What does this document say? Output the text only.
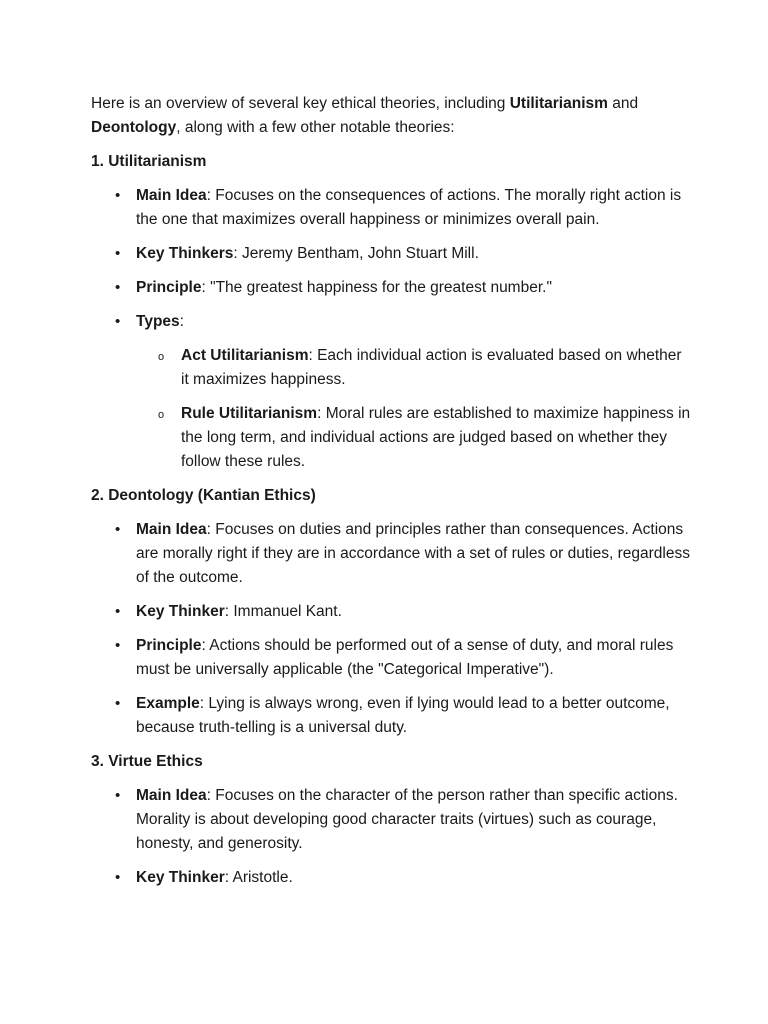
Here is an overview of several key ethical theories, including Utilitarianism and Deontology, along with a few other notable theories:

1. Utilitarianism

• Main Idea: Focuses on the consequences of actions. The morally right action is the one that maximizes overall happiness or minimizes overall pain.
• Key Thinkers: Jeremy Bentham, John Stuart Mill.
• Principle: "The greatest happiness for the greatest number."
• Types:
o Act Utilitarianism: Each individual action is evaluated based on whether it maximizes happiness.
o Rule Utilitarianism: Moral rules are established to maximize happiness in the long term, and individual actions are judged based on whether they follow these rules.

2. Deontology (Kantian Ethics)

• Main Idea: Focuses on duties and principles rather than consequences. Actions are morally right if they are in accordance with a set of rules or duties, regardless of the outcome.
• Key Thinker: Immanuel Kant.
• Principle: Actions should be performed out of a sense of duty, and moral rules must be universally applicable (the "Categorical Imperative").
• Example: Lying is always wrong, even if lying would lead to a better outcome, because truth-telling is a universal duty.

3. Virtue Ethics

• Main Idea: Focuses on the character of the person rather than specific actions. Morality is about developing good character traits (virtues) such as courage, honesty, and generosity.
• Key Thinker: Aristotle.
